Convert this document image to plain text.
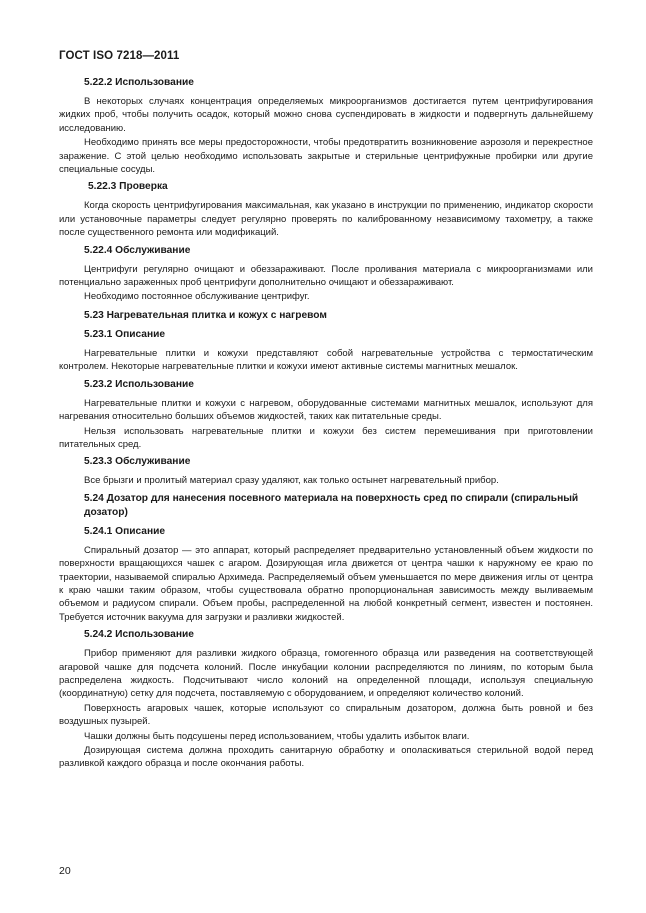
ГОСТ ISO 7218—2011
5.22.2 Использование

В некоторых случаях концентрация определяемых микроорганизмов достигается путем центрифугирования жидких проб, чтобы получить осадок, который можно снова суспендировать в жидкости и подвергнуть дальнейшему исследованию.

Необходимо принять все меры предосторожности, чтобы предотвратить возникновение аэрозоля и перекрестное заражение. С этой целью необходимо использовать закрытые и стерильные центрифужные пробирки или другие специальные сосуды.

5.22.3 Проверка

Когда скорость центрифугирования максимальная, как указано в инструкции по применению, индикатор скорости или установочные параметры следует регулярно проверять по калиброванному независимому тахометру, а также после существенного ремонта или модификаций.

5.22.4 Обслуживание

Центрифуги регулярно очищают и обеззараживают. После проливания материала с микроорганизмами или потенциально зараженных проб центрифуги дополнительно очищают и обеззараживают.

Необходимо постоянное обслуживание центрифуг.

5.23 Нагревательная плитка и кожух с нагревом
5.23.1 Описание

Нагревательные плитки и кожухи представляют собой нагревательные устройства с термостатическим контролем. Некоторые нагревательные плитки и кожухи имеют активные системы магнитных мешалок.

5.23.2 Использование

Нагревательные плитки и кожухи с нагревом, оборудованные системами магнитных мешалок, используют для нагревания относительно больших объемов жидкостей, таких как питательные среды.

Нельзя использовать нагревательные плитки и кожухи без систем перемешивания при приготовлении питательных сред.

5.23.3 Обслуживание

Все брызги и пролитый материал сразу удаляют, как только остынет нагревательный прибор.

5.24 Дозатор для нанесения посевного материала на поверхность сред по спирали (спиральный дозатор)
5.24.1 Описание

Спиральный дозатор — это аппарат, который распределяет предварительно установленный объем жидкости по поверхности вращающихся чашек с агаром. Дозирующая игла движется от центра чашки к наружному ее краю по траектории, называемой спиралью Архимеда. Распределяемый объем уменьшается по мере движения иглы от центра к краю чашки таким образом, чтобы существовала обратно пропорциональная зависимость между выливаемым объемом и радиусом спирали. Объем пробы, распределенной на любой конкретный сегмент, известен и постоянен. Требуется источник вакуума для загрузки и разливки жидкостей.

5.24.2 Использование

Прибор применяют для разливки жидкого образца, гомогенного образца или разведения на соответствующей агаровой чашке для подсчета колоний. После инкубации колонии распределяются по линиям, по которым была распределена жидкость. Подсчитывают число колоний на определенной площади, используя специальную (координатную) сетку для подсчета, поставляемую с оборудованием, и определяют количество колоний.

Поверхность агаровых чашек, которые используют со спиральным дозатором, должна быть ровной и без воздушных пузырей.

Чашки должны быть подсушены перед использованием, чтобы удалить избыток влаги.

Дозирующая система должна проходить санитарную обработку и ополаскиваться стерильной водой перед разливкой каждого образца и после окончания работы.

20
